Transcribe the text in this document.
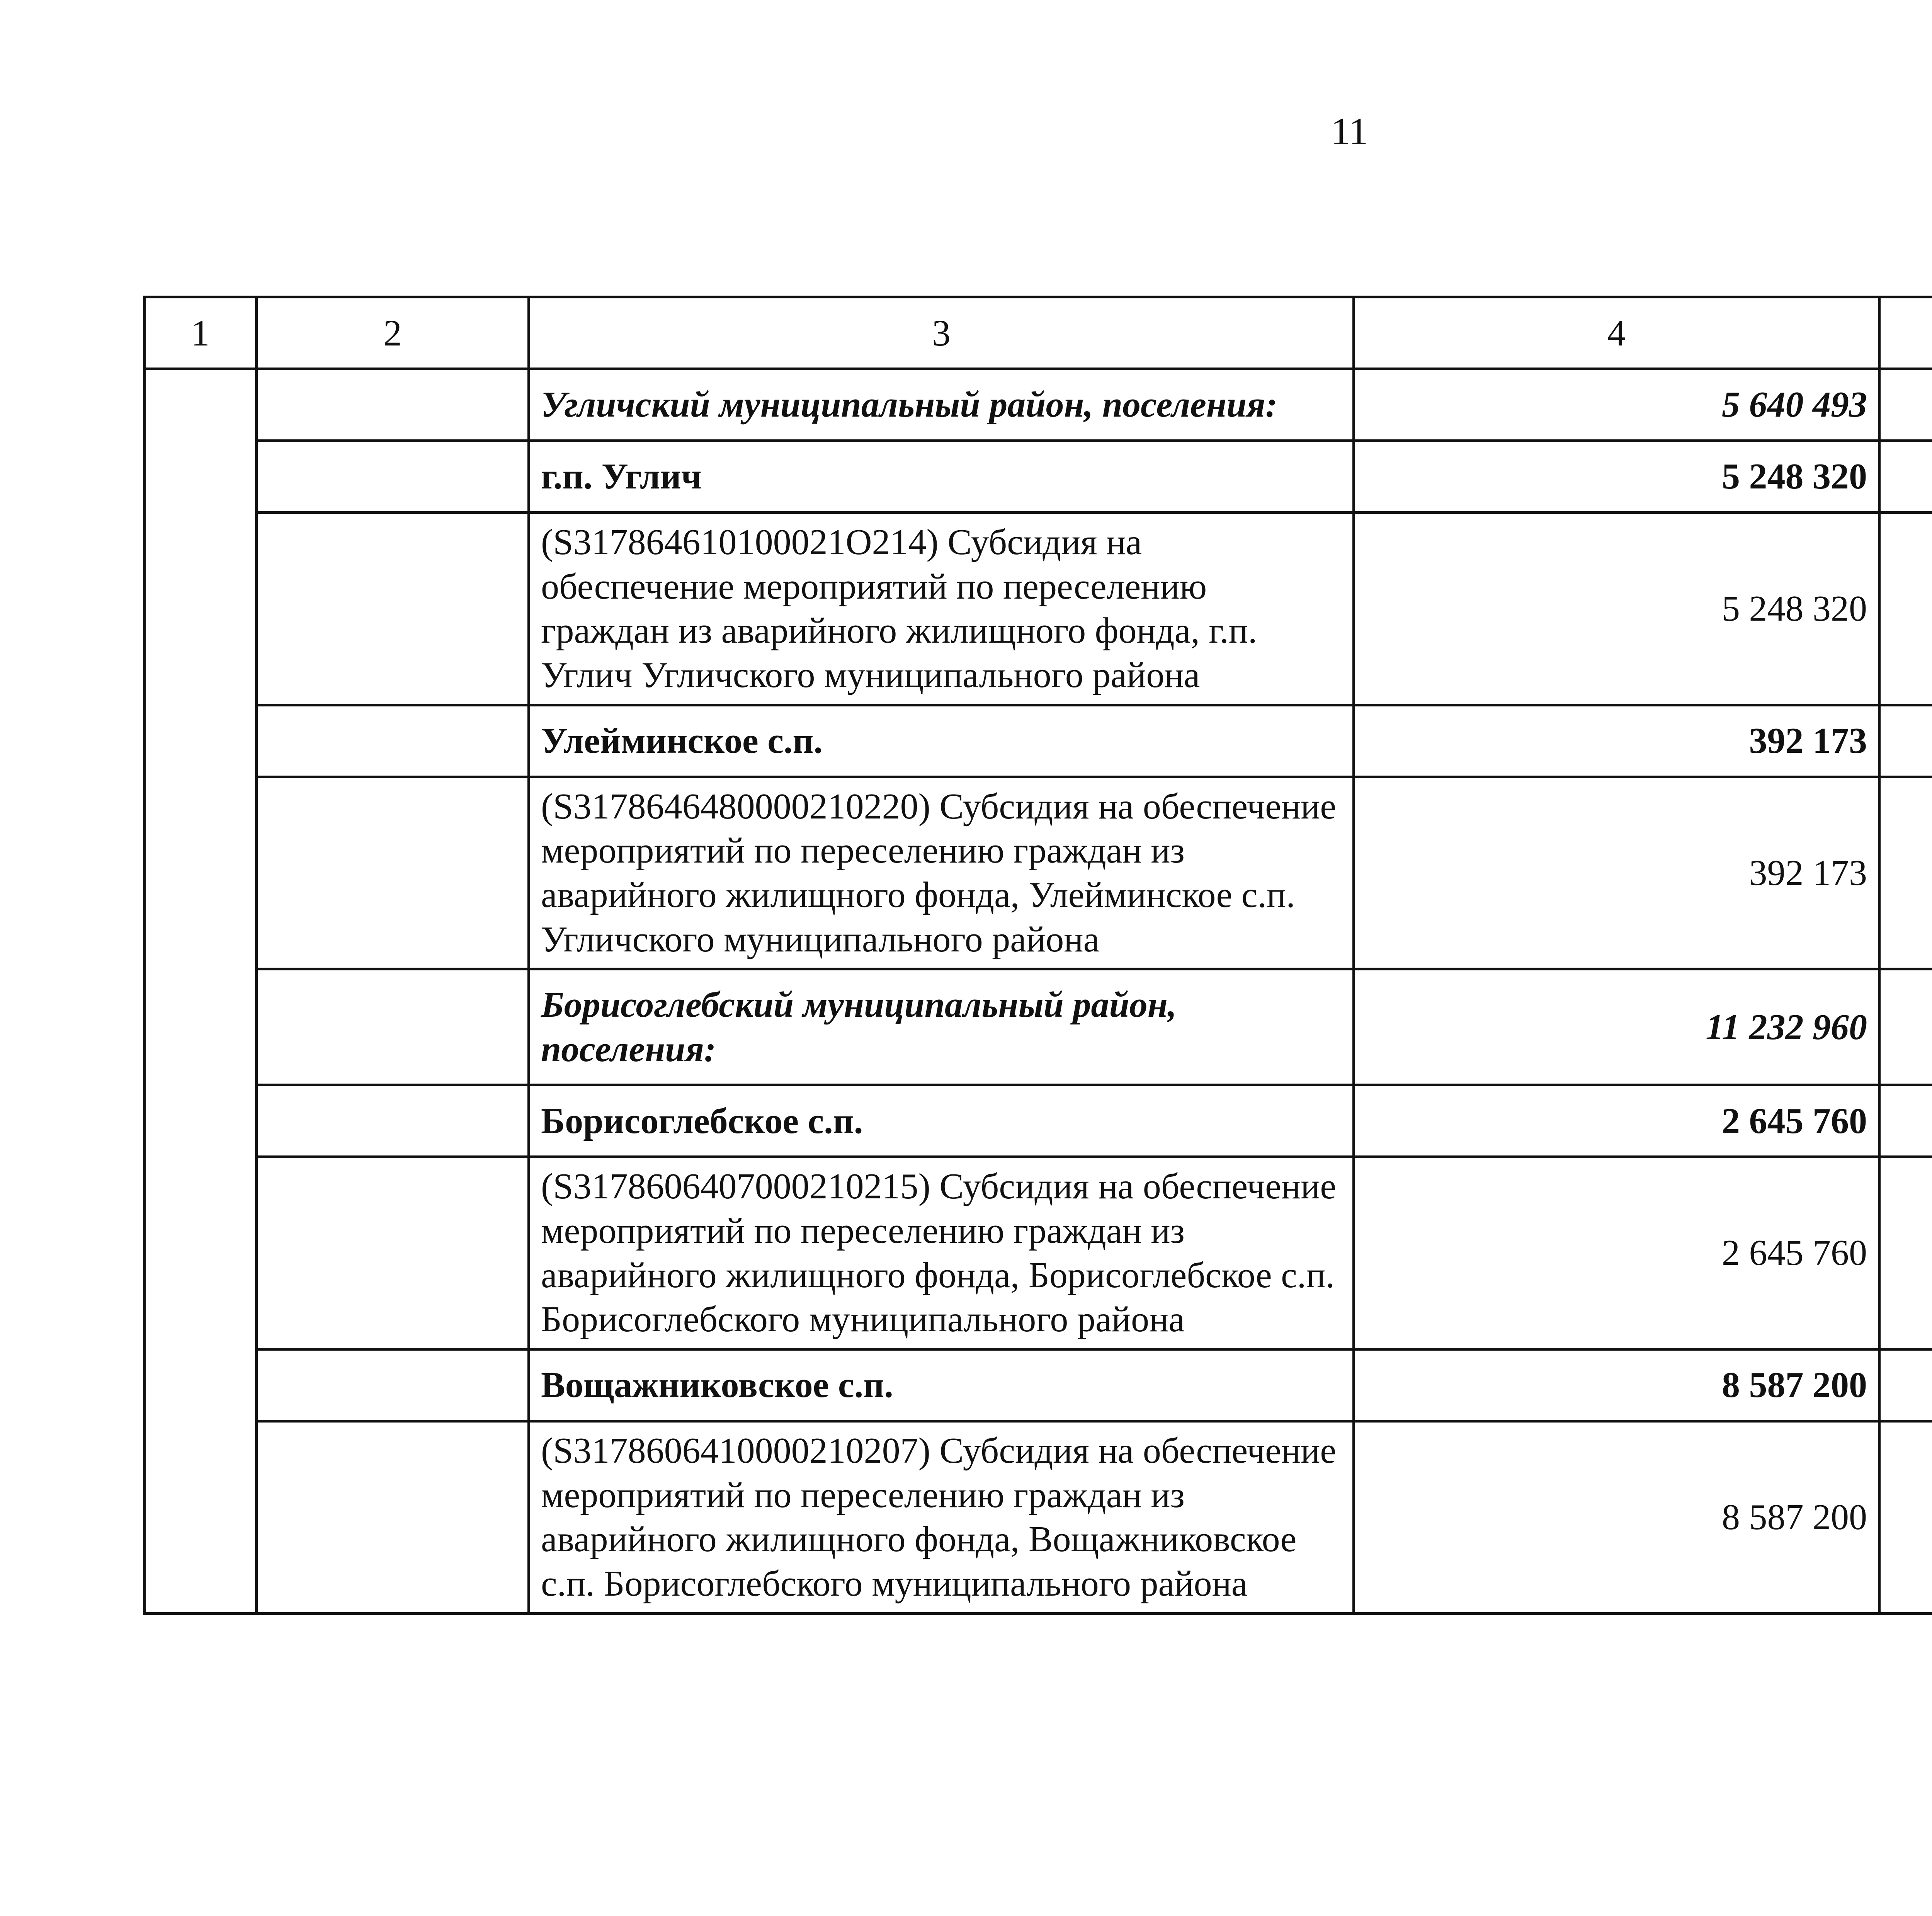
11
1	2	3	4			
		Угличский муниципальный район, поселения:	5 640 493			
		г.п. Углич	5 248 320			
		(S317864610100021O214) Субсидия на обеспечение мероприятий по переселению граждан из аварийного жилищного фонда, г.п. Углич Угличского муниципального района	5 248 320			
		Улейминское с.п.	392 173			
		(S3178646480000210220) Субсидия на обеспечение мероприятий по переселению граждан из аварийного жилищного фонда, Улейминское с.п. Угличского муниципального района	392 173			
		Борисоглебский муниципальный район, поселения:	11 232 960			
		Борисоглебское с.п.	2 645 760			
		(S3178606407000210215) Субсидия на обеспечение мероприятий по переселению граждан из аварийного жилищного фонда, Борисоглебское с.п. Борисоглебского муниципального района	2 645 760			
		Вощажниковское с.п.	8 587 200			
		(S3178606410000210207) Субсидия на обеспечение мероприятий по переселению граждан из аварийного жилищного фонда, Вощажниковское с.п. Борисоглебского муниципального района	8 587 200			
